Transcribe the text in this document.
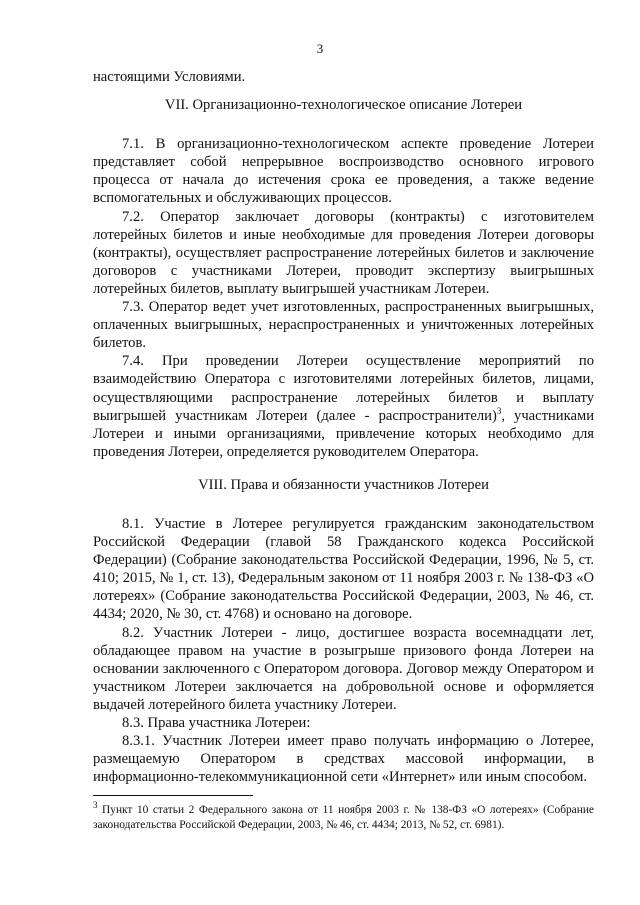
3

настоящими Условиями.

VII. Организационно-технологическое описание Лотереи

7.1. В организационно-технологическом аспекте проведение Лотереи представляет собой непрерывное воспроизводство основного игрового процесса от начала до истечения срока ее проведения, а также ведение вспомогательных и обслуживающих процессов.

7.2. Оператор заключает договоры (контракты) с изготовителем лотерейных билетов и иные необходимые для проведения Лотереи договоры (контракты), осуществляет распространение лотерейных билетов и заключение договоров с участниками Лотереи, проводит экспертизу выигрышных лотерейных билетов, выплату выигрышей участникам Лотереи.

7.3. Оператор ведет учет изготовленных, распространенных выигрышных, оплаченных выигрышных, нераспространенных и уничтоженных лотерейных билетов.

7.4. При проведении Лотереи осуществление мероприятий по взаимодействию Оператора с изготовителями лотерейных билетов, лицами, осуществляющими распространение лотерейных билетов и выплату выигрышей участникам Лотереи (далее - распространители)$^3$, участниками Лотереи и иными организациями, привлечение которых необходимо для проведения Лотереи, определяется руководителем Оператора.

VIII. Права и обязанности участников Лотереи

8.1. Участие в Лотерее регулируется гражданским законодательством Российской Федерации (главой 58 Гражданского кодекса Российской Федерации) (Собрание законодательства Российской Федерации, 1996, № 5, ст. 410; 2015, № 1, ст. 13), Федеральным законом от 11 ноября 2003 г. № 138-ФЗ «О лотереях» (Собрание законодательства Российской Федерации, 2003, № 46, ст. 4434; 2020, № 30, ст. 4768) и основано на договоре.

8.2. Участник Лотереи - лицо, достигшее возраста восемнадцати лет, обладающее правом на участие в розыгрыше призового фонда Лотереи на основании заключенного с Оператором договора. Договор между Оператором и участником Лотереи заключается на добровольной основе и оформляется выдачей лотерейного билета участнику Лотереи.

8.3. Права участника Лотереи:

8.3.1. Участник Лотереи имеет право получать информацию о Лотерее, размещаемую Оператором в средствах массовой информации, в информационно-телекоммуникационной сети «Интернет» или иным способом.

$^3$ Пункт 10 статьи 2 Федерального закона от 11 ноября 2003 г. № 138-ФЗ «О лотереях» (Собрание законодательства Российской Федерации, 2003, № 46, ст. 4434; 2013, № 52, ст. 6981).
